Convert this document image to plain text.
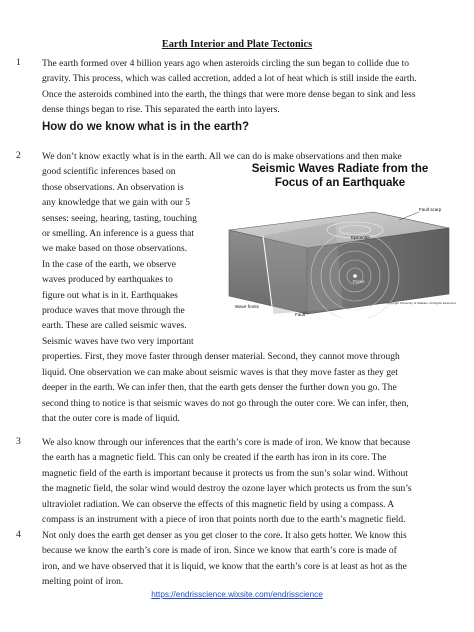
Earth Interior and Plate Tectonics
1 The earth formed over 4 billion years ago when asteroids circling the sun began to collide due to
gravity. This process, which was called accretion, added a lot of heat which is still inside the earth.
Once the asteroids combined into the earth, the things that were more dense began to sink and less
dense things began to rise. This separated the earth into layers.
How do we know what is in the earth?
2 We don’t know exactly what is in the earth. All we can do is make observations and then make
good scientific inferences based on
those observations. An observation is
any knowledge that we gain with our 5
senses: seeing, hearing, tasting, touching
or smelling. An inference is a guess that
we make based on those observations.
In the case of the earth, we observe
waves produced by earthquakes to
figure out what is in it. Earthquakes
produce waves that move through the
earth. These are called seismic waves.
Seismic waves have two very important
properties. First, they move faster through denser material. Second, they cannot move through
liquid. One observation we can make about seismic waves is that they move faster as they get
deeper in the earth. We can infer then, that the earth gets denser the further down you go. The
second thing to notice is that seismic waves do not go through the outer core. We can infer, then,
that the outer core is made of liquid.
Seismic Waves Radiate from the
Focus of an Earthquake
Fault scarp
Epicenter
Focus
Wave fronts
Fault
© Copyright University of Waikato. All Rights Reserved.
3 We also know through our inferences that the earth’s core is made of iron. We know that because
the earth has a magnetic field. This can only be created if the earth has iron in its core. The
magnetic field of the earth is important because it protects us from the sun’s solar wind. Without
the magnetic field, the solar wind would destroy the ozone layer which protects us from the sun’s
ultraviolet radiation. We can observe the effects of this magnetic field by using a compass. A
compass is an instrument with a piece of iron that points north due to the earth’s magnetic field.
4 Not only does the earth get denser as you get closer to the core. It also gets hotter. We know this
because we know the earth’s core is made of iron. Since we know that earth’s core is made of
iron, and we have observed that it is liquid, we know that the earth’s core is at least as hot as the
melting point of iron.
https://endrisscience.wixsite.com/endrisscience
